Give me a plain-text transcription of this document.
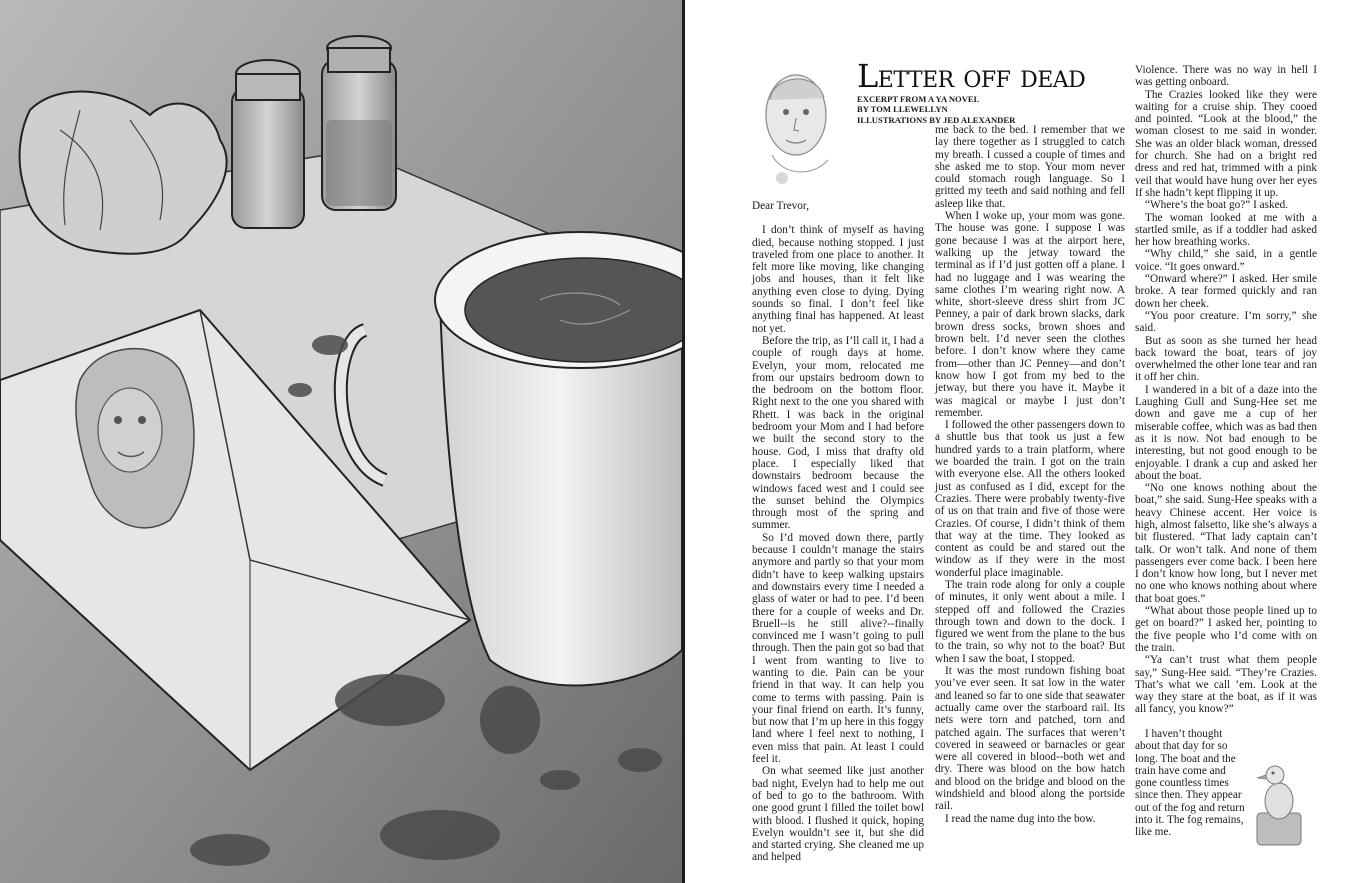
Letter off dead
EXCERPT FROM A YA NOVEL
BY TOM LLEWELLYN
ILLUSTRATIONS BY JED ALEXANDER

Dear Trevor,

I don’t think of myself as having died, because nothing stopped. I just traveled from one place to another. It felt more like moving, like changing jobs and houses, than it felt like anything even close to dying. Dying sounds so final. I don’t feel like anything final has happened. At least not yet.

Before the trip, as I’ll call it, I had a couple of rough days at home. Evelyn, your mom, relocated me from our upstairs bedroom down to the bedroom on the bottom floor. Right next to the one you shared with Rhett. I was back in the original bedroom your Mom and I had before we built the second story to the house. God, I miss that drafty old place. I especially liked that downstairs bedroom because the windows faced west and I could see the sunset behind the Olympics through most of the spring and summer.

So I’d moved down there, partly because I couldn’t manage the stairs anymore and partly so that your mom didn’t have to keep walking upstairs and downstairs every time I needed a glass of water or had to pee. I’d been there for a couple of weeks and Dr. Bruell--is he still alive?--finally convinced me I wasn’t going to pull through. Then the pain got so bad that I went from wanting to live to wanting to die. Pain can be your friend in that way. It can help you come to terms with passing. Pain is your final friend on earth. It’s funny, but now that I’m up here in this foggy land where I feel next to nothing, I even miss that pain. At least I could feel it.

On what seemed like just another bad night, Evelyn had to help me out of bed to go to the bathroom. With one good grunt I filled the toilet bowl with blood. I flushed it quick, hoping Evelyn wouldn’t see it, but she did and started crying. She cleaned me up and helped

me back to the bed. I remember that we lay there together as I struggled to catch my breath. I cussed a couple of times and she asked me to stop. Your mom never could stomach rough language. So I gritted my teeth and said nothing and fell asleep like that.

When I woke up, your mom was gone. The house was gone. I suppose I was gone because I was at the airport here, walking up the jetway toward the terminal as if I’d just gotten off a plane. I had no luggage and I was wearing the same clothes I’m wearing right now. A white, short-sleeve dress shirt from JC Penney, a pair of dark brown slacks, dark brown dress socks, brown shoes and brown belt. I’d never seen the clothes before. I don’t know where they came from—other than JC Penney—and don’t know how I got from my bed to the jetway, but there you have it. Maybe it was magical or maybe I just don’t remember.

I followed the other passengers down to a shuttle bus that took us just a few hundred yards to a train platform, where we boarded the train. I got on the train with everyone else. All the others looked just as confused as I did, except for the Crazies. There were probably twenty-five of us on that train and five of those were Crazies. Of course, I didn’t think of them that way at the time. They looked as content as could be and stared out the window as if they were in the most wonderful place imaginable.

The train rode along for only a couple of minutes, it only went about a mile. I stepped off and followed the Crazies through town and down to the dock. I figured we went from the plane to the bus to the train, so why not to the boat? But when I saw the boat, I stopped.

It was the most rundown fishing boat you’ve ever seen. It sat low in the water and leaned so far to one side that seawater actually came over the starboard rail. Its nets were torn and patched, torn and patched again. The surfaces that weren’t covered in seaweed or barnacles or gear were all covered in blood--both wet and dry. There was blood on the bow hatch and blood on the bridge and blood on the windshield and blood along the portside rail.

I read the name dug into the bow.

Violence. There was no way in hell I was getting onboard.

The Crazies looked like they were waiting for a cruise ship. They cooed and pointed. “Look at the blood,” the woman closest to me said in wonder. She was an older black woman, dressed for church. She had on a bright red dress and red hat, trimmed with a pink veil that would have hung over her eyes If she hadn’t kept flipping it up.

“Where’s the boat go?” I asked.

The woman looked at me with a startled smile, as if a toddler had asked her how breathing works.

“Why child,” she said, in a gentle voice. “It goes onward.”

“Onward where?” I asked. Her smile broke. A tear formed quickly and ran down her cheek.

“You poor creature. I’m sorry,” she said.

But as soon as she turned her head back toward the boat, tears of joy overwhelmed the other lone tear and ran it off her chin.

I wandered in a bit of a daze into the Laughing Gull and Sung-Hee set me down and gave me a cup of her miserable coffee, which was as bad then as it is now. Not bad enough to be interesting, but not good enough to be enjoyable. I drank a cup and asked her about the boat.

“No one knows nothing about the boat,” she said. Sung-Hee speaks with a heavy Chinese accent. Her voice is high, almost falsetto, like she’s always a bit flustered. “That lady captain can’t talk. Or won’t talk. And none of them passengers ever come back. I been here I don’t know how long, but I never met no one who knows nothing about where that boat goes.”

“What about those people lined up to get on board?” I asked her, pointing to the five people who I’d come with on the train.

“Ya can’t trust what them people say,” Sung-Hee said. “They’re Crazies. That’s what we call ’em. Look at the way they stare at the boat, as if it was all fancy, you know?”

I haven’t thought about that day for so long. The boat and the train have come and gone countless times since then. They appear out of the fog and return into it. The fog remains, like me.
